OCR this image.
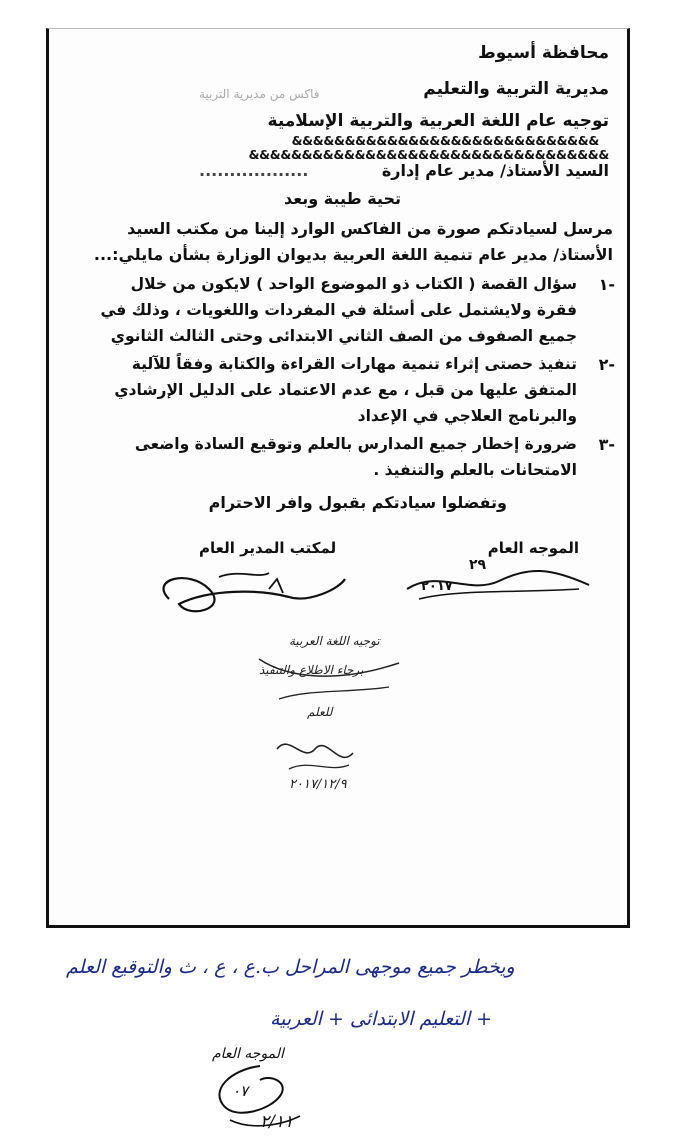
محافظة أسيوط
مديرية التربية والتعليم
فاكس من مديرية التربية
توجيه عام اللغة العربية والتربية الإسلامية
&&&&&&&&&&&&&&&&&&&&&&&&&&&&&
&&&&&&&&&&&&&&&&&&&&&&&&&&&&&&&&&&
السيد الأستاذ/ مدير عام إدارة
..................
تحية طيبة وبعد
مرسل لسيادتكم صورة من الفاكس الوارد إلينا من مكتب السيد
الأستاذ/ مدير عام تنمية اللغة العربية بديوان الوزارة بشأن مايلي:...
-١
سؤال القصة ( الكتاب ذو الموضوع الواحد ) لايكون من خلال
فقرة ولايشتمل على أسئلة في المفردات واللغويات ، وذلك في
جميع الصفوف من الصف الثاني الابتدائى وحتى الثالث الثانوي
-٢
تنفيذ حصتى إثراء تنمية مهارات القراءة والكتابة وفقاً للآلية
المتفق عليها من قبل ، مع عدم الاعتماد على الدليل الإرشادي
والبرنامج العلاجي في الإعداد
-٣
ضرورة إخطار جميع المدارس بالعلم وتوقيع السادة واضعى
الامتحانات بالعلم والتنفيذ .
وتفضلوا سيادتكم بقبول وافر الاحترام
الموجه العام
لمكتب المدير العام
٢٩
٢٠١٧
توجيه اللغة العربية
برجاء الاطلاع والتنفيذ
للعلم
٢٠١٧/١٢/٩
ويخطر جميع موجهى المراحل ب.ع ، ع ، ث والتوقيع العلم
+ التعليم الابتدائى + العربية
الموجه العام
٠٧
٢/١١
